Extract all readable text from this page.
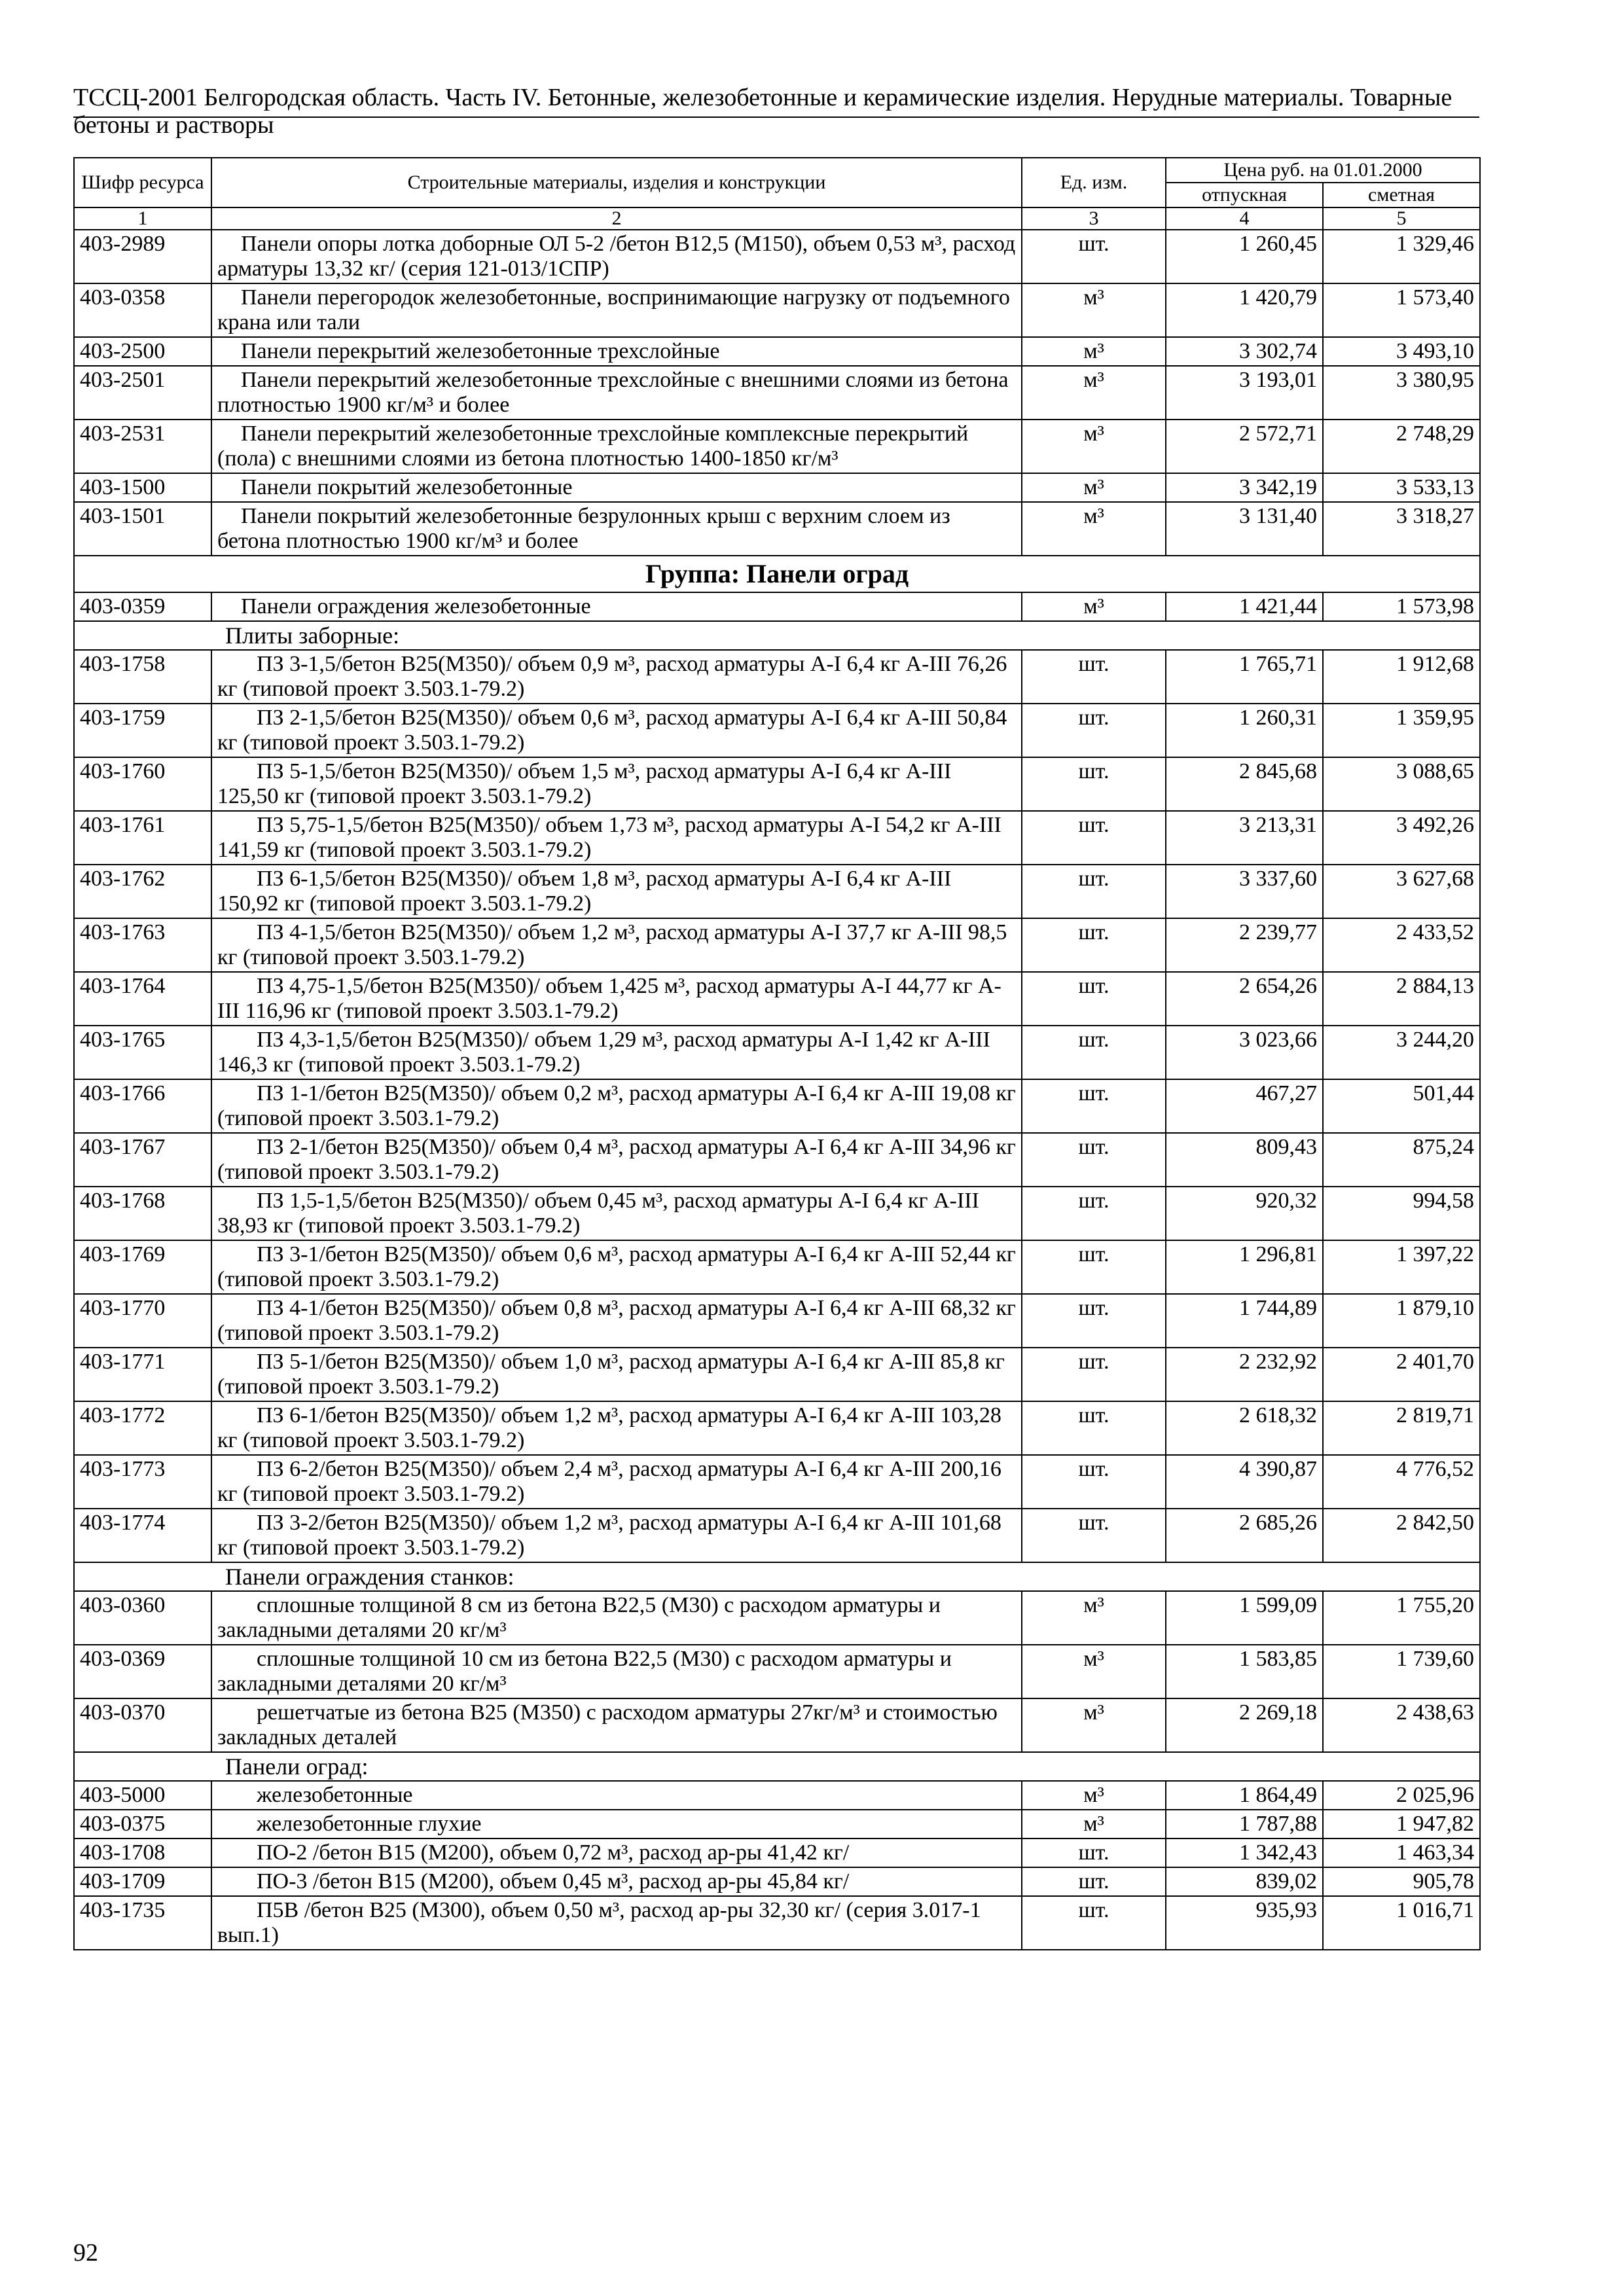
ТССЦ-2001 Белгородская область. Часть IV. Бетонные, железобетонные и керамические изделия. Нерудные материалы. Товарные бетоны и растворы
Шифр ресурса	Строительные материалы, изделия и конструкции	Ед. изм.	Цена руб. на 01.01.2000	
			отпускная	сметная
1	2	3	4	5
403-2989	Панели опоры лотка доборные ОЛ 5-2 /бетон В12,5 (М150), объем 0,53 м³, расход арматуры 13,32 кг/ (серия 121-013/1СПР)	шт.	1 260,45	1 329,46
403-0358	Панели перегородок железобетонные, воспринимающие нагрузку от подъемного крана или тали	м³	1 420,79	1 573,40
403-2500	Панели перекрытий железобетонные трехслойные	м³	3 302,74	3 493,10
403-2501	Панели перекрытий железобетонные трехслойные с внешними слоями из бетона плотностью 1900 кг/м³ и более	м³	3 193,01	3 380,95
403-2531	Панели перекрытий железобетонные трехслойные комплексные перекрытий (пола) с внешними слоями из бетона плотностью 1400-1850 кг/м³	м³	2 572,71	2 748,29
403-1500	Панели покрытий железобетонные	м³	3 342,19	3 533,13
403-1501	Панели покрытий железобетонные безрулонных крыш с верхним слоем из бетона плотностью 1900 кг/м³ и более	м³	3 131,40	3 318,27
Группа: Панели оград				
403-0359	Панели ограждения железобетонные	м³	1 421,44	1 573,98
Плиты заборные:				
403-1758	ПЗ 3-1,5/бетон В25(М350)/ объем 0,9 м³, расход арматуры А-I 6,4 кг А-III 76,26 кг (типовой проект 3.503.1-79.2)	шт.	1 765,71	1 912,68
403-1759	ПЗ 2-1,5/бетон В25(М350)/ объем 0,6 м³, расход арматуры А-I 6,4 кг А-III 50,84 кг (типовой проект 3.503.1-79.2)	шт.	1 260,31	1 359,95
403-1760	ПЗ 5-1,5/бетон В25(М350)/ объем 1,5 м³, расход арматуры А-I 6,4 кг А-III 125,50 кг (типовой проект 3.503.1-79.2)	шт.	2 845,68	3 088,65
403-1761	ПЗ 5,75-1,5/бетон В25(М350)/ объем 1,73 м³, расход арматуры А-I 54,2 кг А-III 141,59 кг (типовой проект 3.503.1-79.2)	шт.	3 213,31	3 492,26
403-1762	ПЗ 6-1,5/бетон В25(М350)/ объем 1,8 м³, расход арматуры А-I 6,4 кг А-III 150,92 кг (типовой проект 3.503.1-79.2)	шт.	3 337,60	3 627,68
403-1763	ПЗ 4-1,5/бетон В25(М350)/ объем 1,2 м³, расход арматуры А-I 37,7 кг А-III 98,5 кг (типовой проект 3.503.1-79.2)	шт.	2 239,77	2 433,52
403-1764	ПЗ 4,75-1,5/бетон В25(М350)/ объем 1,425 м³, расход арматуры А-I 44,77 кг А-III 116,96 кг (типовой проект 3.503.1-79.2)	шт.	2 654,26	2 884,13
403-1765	ПЗ 4,3-1,5/бетон В25(М350)/ объем 1,29 м³, расход арматуры А-I 1,42 кг А-III 146,3 кг (типовой проект 3.503.1-79.2)	шт.	3 023,66	3 244,20
403-1766	ПЗ 1-1/бетон В25(М350)/ объем 0,2 м³, расход арматуры А-I 6,4 кг А-III 19,08 кг (типовой проект 3.503.1-79.2)	шт.	467,27	501,44
403-1767	ПЗ 2-1/бетон В25(М350)/ объем 0,4 м³, расход арматуры А-I 6,4 кг А-III 34,96 кг (типовой проект 3.503.1-79.2)	шт.	809,43	875,24
403-1768	ПЗ 1,5-1,5/бетон В25(М350)/ объем 0,45 м³, расход арматуры А-I 6,4 кг А-III 38,93 кг (типовой проект 3.503.1-79.2)	шт.	920,32	994,58
403-1769	ПЗ 3-1/бетон В25(М350)/ объем 0,6 м³, расход арматуры А-I 6,4 кг А-III 52,44 кг (типовой проект 3.503.1-79.2)	шт.	1 296,81	1 397,22
403-1770	ПЗ 4-1/бетон В25(М350)/ объем 0,8 м³, расход арматуры А-I 6,4 кг А-III 68,32 кг (типовой проект 3.503.1-79.2)	шт.	1 744,89	1 879,10
403-1771	ПЗ 5-1/бетон В25(М350)/ объем 1,0 м³, расход арматуры А-I 6,4 кг А-III 85,8 кг (типовой проект 3.503.1-79.2)	шт.	2 232,92	2 401,70
403-1772	ПЗ 6-1/бетон В25(М350)/ объем 1,2 м³, расход арматуры А-I 6,4 кг А-III 103,28 кг (типовой проект 3.503.1-79.2)	шт.	2 618,32	2 819,71
403-1773	ПЗ 6-2/бетон В25(М350)/ объем 2,4 м³, расход арматуры А-I 6,4 кг А-III 200,16 кг (типовой проект 3.503.1-79.2)	шт.	4 390,87	4 776,52
403-1774	ПЗ 3-2/бетон В25(М350)/ объем 1,2 м³, расход арматуры А-I 6,4 кг А-III 101,68 кг (типовой проект 3.503.1-79.2)	шт.	2 685,26	2 842,50
Панели ограждения станков:				
403-0360	сплошные толщиной 8 см из бетона В22,5 (М30) с расходом арматуры и закладными деталями 20 кг/м³	м³	1 599,09	1 755,20
403-0369	сплошные толщиной 10 см из бетона В22,5 (М30) с расходом арматуры и закладными деталями 20 кг/м³	м³	1 583,85	1 739,60
403-0370	решетчатые из бетона В25 (М350) с расходом арматуры 27кг/м³ и стоимостью закладных деталей	м³	2 269,18	2 438,63
Панели оград:				
403-5000	железобетонные	м³	1 864,49	2 025,96
403-0375	железобетонные глухие	м³	1 787,88	1 947,82
403-1708	ПО-2 /бетон В15 (М200), объем 0,72 м³, расход ар-ры 41,42 кг/	шт.	1 342,43	1 463,34
403-1709	ПО-3 /бетон В15 (М200), объем 0,45 м³, расход ар-ры 45,84 кг/	шт.	839,02	905,78
403-1735	П5В /бетон В25 (М300), объем 0,50 м³, расход ар-ры 32,30 кг/ (серия 3.017-1 вып.1)	шт.	935,93	1 016,71
92
